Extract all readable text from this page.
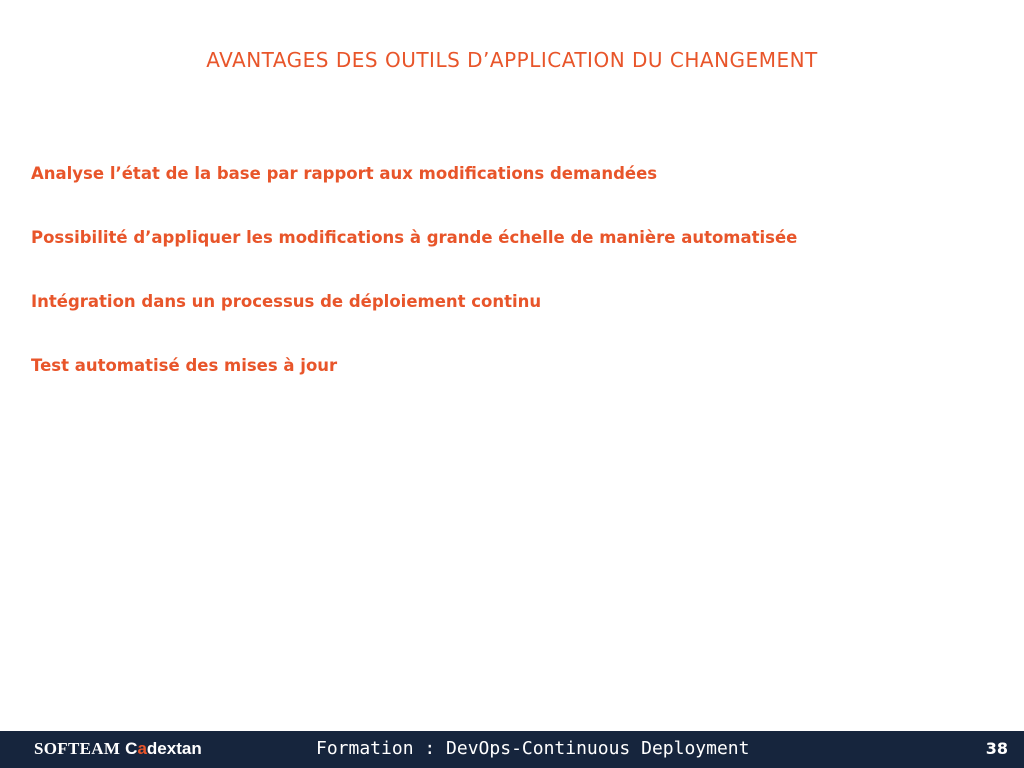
AVANTAGES DES OUTILS D’APPLICATION DU CHANGEMENT
Analyse l’état de la base par rapport aux modifications demandées
Possibilité d’appliquer les modifications à grande échelle de manière automatisée
Intégration dans un processus de déploiement continu
Test automatisé des mises à jour
SOFTEAM Cadextan	Formation : DevOps-Continuous Deployment	38
